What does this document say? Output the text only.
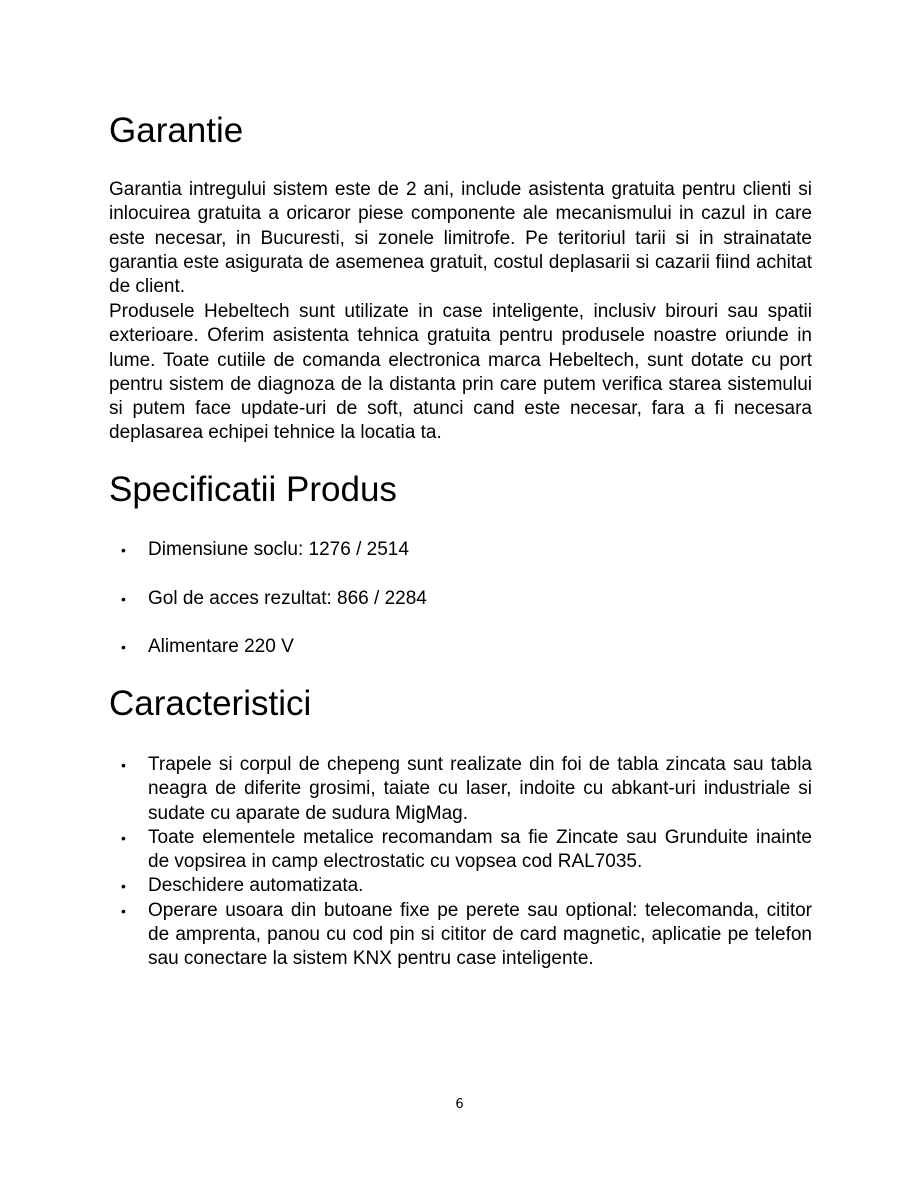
Garantie

Garantia intregului sistem este de 2 ani, include asistenta gratuita pentru clienti si inlocuirea gratuita a oricaror piese componente ale mecanismului in cazul in care este necesar, in Bucuresti, si zonele limitrofe. Pe teritoriul tarii si in strainatate garantia este asigurata de asemenea gratuit, costul deplasarii si cazarii fiind achitat de client.

Produsele Hebeltech sunt utilizate in case inteligente, inclusiv birouri sau spatii exterioare. Oferim asistenta tehnica gratuita pentru produsele noastre oriunde in lume. Toate cutiile de comanda electronica marca Hebeltech, sunt dotate cu port pentru sistem de diagnoza de la distanta prin care putem verifica starea sistemului si putem face update-uri de soft, atunci cand este necesar, fara a fi necesara deplasarea echipei tehnice la locatia ta.

Specificatii Produs
• Dimensiune soclu: 1276 / 2514
• Gol de acces rezultat: 866 / 2284
• Alimentare 220 V
Caracteristici
• Trapele si corpul de chepeng sunt realizate din foi de tabla zincata sau tabla neagra de diferite grosimi, taiate cu laser, indoite cu abkant-uri industriale si sudate cu aparate de sudura MigMag.
• Toate elementele metalice recomandam sa fie Zincate sau Grunduite inainte de vopsirea in camp electrostatic cu vopsea cod RAL7035.
• Deschidere automatizata.
• Operare usoara din butoane fixe pe perete sau optional: telecomanda, cititor de amprenta, panou cu cod pin si cititor de card magnetic, aplicatie pe telefon sau conectare la sistem KNX pentru case inteligente.
6
